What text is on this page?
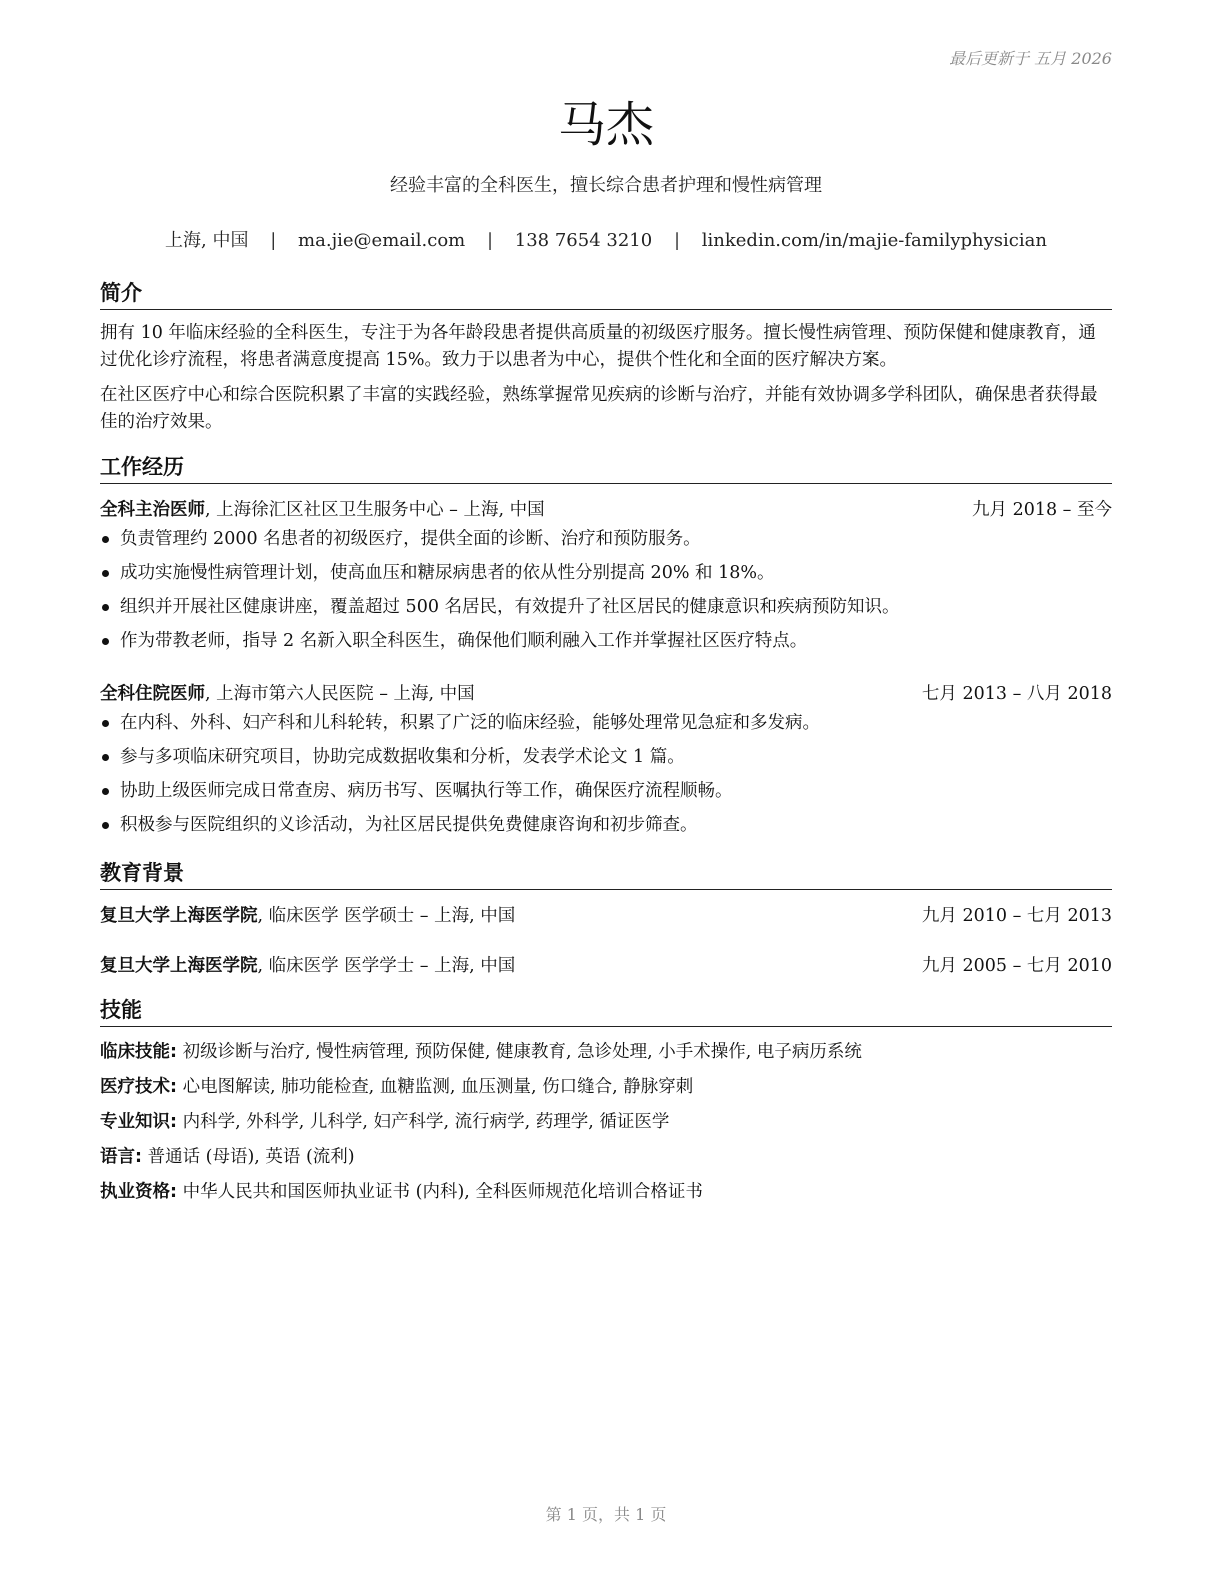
最后更新于 五月 2026
马杰
经验丰富的全科医生，擅长综合患者护理和慢性病管理
上海, 中国 | ma.jie@email.com | 138 7654 3210 | linkedin.com/in/majie-familyphysician
简介
拥有 10 年临床经验的全科医生，专注于为各年龄段患者提供高质量的初级医疗服务。擅长慢性病管理、预防保健和健康教育，通过优化诊疗流程，将患者满意度提高 15%。致力于以患者为中心，提供个性化和全面的医疗解决方案。
在社区医疗中心和综合医院积累了丰富的实践经验，熟练掌握常见疾病的诊断与治疗，并能有效协调多学科团队，确保患者获得最佳的治疗效果。
工作经历
全科主治医师, 上海徐汇区社区卫生服务中心 – 上海, 中国	九月 2018 – 至今
负责管理约 2000 名患者的初级医疗，提供全面的诊断、治疗和预防服务。
成功实施慢性病管理计划，使高血压和糖尿病患者的依从性分别提高 20% 和 18%。
组织并开展社区健康讲座，覆盖超过 500 名居民，有效提升了社区居民的健康意识和疾病预防知识。
作为带教老师，指导 2 名新入职全科医生，确保他们顺利融入工作并掌握社区医疗特点。
全科住院医师, 上海市第六人民医院 – 上海, 中国	七月 2013 – 八月 2018
在内科、外科、妇产科和儿科轮转，积累了广泛的临床经验，能够处理常见急症和多发病。
参与多项临床研究项目，协助完成数据收集和分析，发表学术论文 1 篇。
协助上级医师完成日常查房、病历书写、医嘱执行等工作，确保医疗流程顺畅。
积极参与医院组织的义诊活动，为社区居民提供免费健康咨询和初步筛查。
教育背景
复旦大学上海医学院, 临床医学 医学硕士 – 上海, 中国	九月 2010 – 七月 2013
复旦大学上海医学院, 临床医学 医学学士 – 上海, 中国	九月 2005 – 七月 2010
技能
临床技能: 初级诊断与治疗, 慢性病管理, 预防保健, 健康教育, 急诊处理, 小手术操作, 电子病历系统
医疗技术: 心电图解读, 肺功能检查, 血糖监测, 血压测量, 伤口缝合, 静脉穿刺
专业知识: 内科学, 外科学, 儿科学, 妇产科学, 流行病学, 药理学, 循证医学
语言: 普通话 (母语), 英语 (流利)
执业资格: 中华人民共和国医师执业证书 (内科), 全科医师规范化培训合格证书
第 1 页，共 1 页
